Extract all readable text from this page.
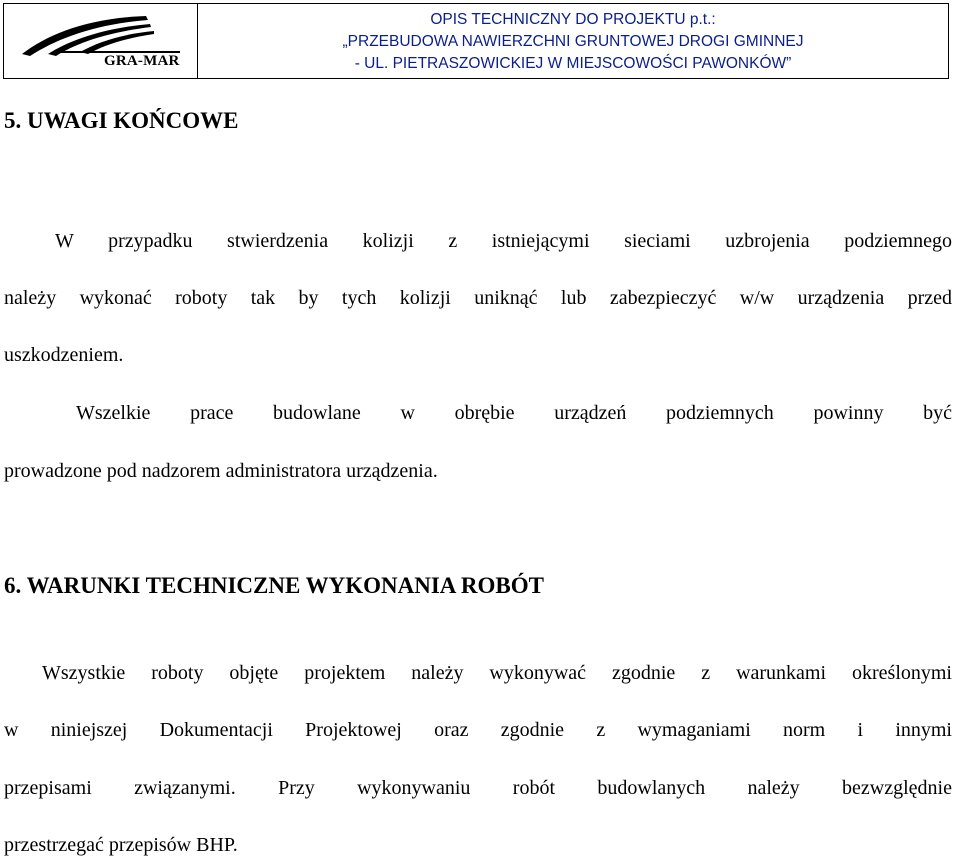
GRA-MAR
OPIS TECHNICZNY DO PROJEKTU p.t.:
„PRZEBUDOWA NAWIERZCHNI GRUNTOWEJ DROGI GMINNEJ
- UL. PIETRASZOWICKIEJ W MIEJSCOWOŚCI PAWONKÓW”
5. UWAGI KOŃCOWE
W przypadku stwierdzenia kolizji z istniejącymi sieciami uzbrojenia podziemnego
należy wykonać roboty tak by tych kolizji uniknąć lub zabezpieczyć w/w urządzenia przed
uszkodzeniem.
Wszelkie prace budowlane w obrębie urządzeń podziemnych powinny być
prowadzone pod nadzorem administratora urządzenia.
6. WARUNKI TECHNICZNE WYKONANIA ROBÓT
Wszystkie roboty objęte projektem należy wykonywać zgodnie z warunkami określonymi
w niniejszej Dokumentacji Projektowej oraz zgodnie z wymaganiami norm i innymi
przepisami związanymi. Przy wykonywaniu robót budowlanych należy bezwzględnie
przestrzegać przepisów BHP.
